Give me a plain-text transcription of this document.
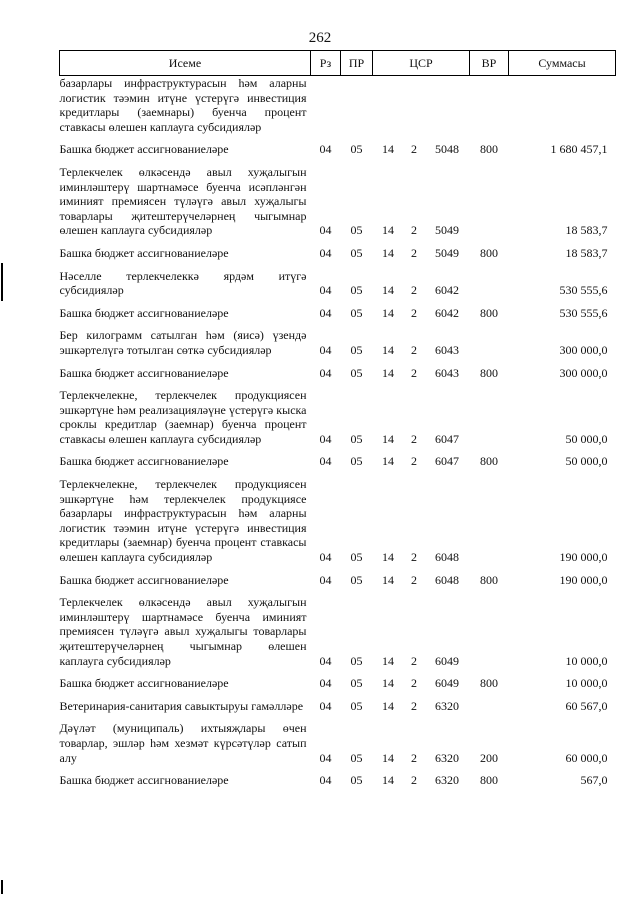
262
Исеме	Рз	ПР	ЦСР			ВР	Суммасы
базарлары инфраструктурасын һәм аларны логистик тәэмин итүне үстерүгә инвестиция кредитлары (заемнары) буенча процент ставкасы өлешен каплауга субсидияләр							

Башка бюджет ассигнованиеләре	04	05	14	2	5048	800	1 680 457,1

Терлекчелек өлкәсендә авыл хуҗалыгын иминләштерү шартнамәсе буенча исәпләнгән иминият премиясен түләүгә авыл хуҗалыгы товарлары җитештерүчеләрнең чыгымнар өлешен каплауга субсидияләр	04	05	14	2	5049		18 583,7

Башка бюджет ассигнованиеләре	04	05	14	2	5049	800	18 583,7

Нәселле терлекчелеккә ярдәм итүгә субсидияләр	04	05	14	2	6042		530 555,6

Башка бюджет ассигнованиеләре	04	05	14	2	6042	800	530 555,6

Бер килограмм сатылган һәм (яисә) үзендә эшкәртелүгә тотылган сөткә субсидияләр	04	05	14	2	6043		300 000,0

Башка бюджет ассигнованиеләре	04	05	14	2	6043	800	300 000,0

Терлекчелекне, терлекчелек продукциясен эшкәртүне һәм реализацияләүне үстерүгә кыска сроклы кредитлар (заемнар) буенча процент ставкасы өлешен каплауга субсидияләр	04	05	14	2	6047		50 000,0

Башка бюджет ассигнованиеләре	04	05	14	2	6047	800	50 000,0

Терлекчелекне, терлекчелек продукциясен эшкәртүне һәм терлекчелек продукциясе базарлары инфраструктурасын һәм аларны логистик тәэмин итүне үстерүгә инвестиция кредитлары (заемнар) буенча процент ставкасы өлешен каплауга субсидияләр	04	05	14	2	6048		190 000,0

Башка бюджет ассигнованиеләре	04	05	14	2	6048	800	190 000,0

Терлекчелек өлкәсендә авыл хуҗалыгын иминләштерү шартнамәсе буенча иминият премиясен түләүгә авыл хуҗалыгы товарлары җитештерүчеләрнең чыгымнар өлешен каплауга субсидияләр	04	05	14	2	6049		10 000,0

Башка бюджет ассигнованиеләре	04	05	14	2	6049	800	10 000,0

Ветеринария-санитария савыктыруы гамәлләре	04	05	14	2	6320		60 567,0

Дәүләт (муниципаль) ихтыяҗлары өчен товарлар, эшләр һәм хезмәт күрсәтүләр сатып алу	04	05	14	2	6320	200	60 000,0

Башка бюджет ассигнованиеләре	04	05	14	2	6320	800	567,0
